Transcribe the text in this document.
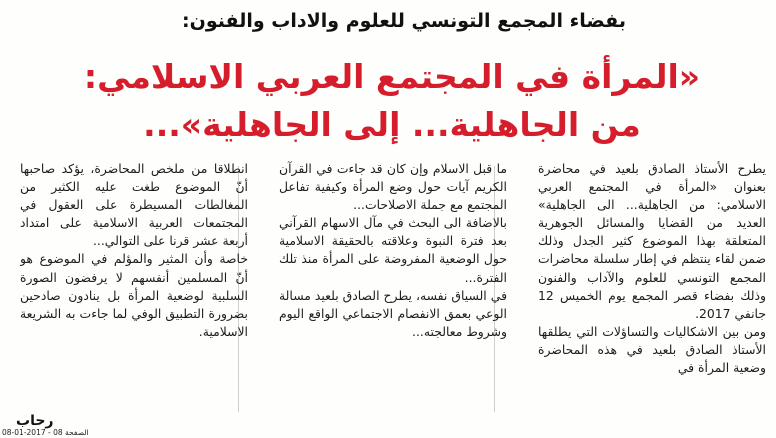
بفضاء المجمع التونسي للعلوم والاداب والفنون:
«المرأة في المجتمع العربي الاسلامي:
من الجاهلية... إلى الجاهلية»...

يطرح الأستاذ الصادق بلعيد في محاضرة بعنوان «المرأة في المجتمع العربي الاسلامي: من الجاهلية... الى الجاهلية» العديد من القضايا والمسائل الجوهرية المتعلقة بهذا الموضوع كثير الجدل وذلك ضمن لقاء ينتظم في إطار سلسلة محاضرات المجمع التونسي للعلوم والآداب والفنون وذلك بفضاء قصر المجمع يوم الخميس 12 جانفي 2017.

ومن بين الاشكاليات والتساؤلات التي يطلقها الأستاذ الصادق بلعيد في هذه المحاضرة وضعية المرأة في

ما قبل الاسلام وإن كان قد جاءت في القرآن الكريم آيات حول وضع المرأة وكيفية تفاعل المجتمع مع جملة الاصلاحات...

بالاضافة الى البحث في مآل الاسهام القرآني بعد فترة النبوة وعلاقته بالحقيقة الاسلامية حول الوضعية المفروضة على المرأة منذ تلك الفترة...

في السياق نفسه، يطرح الصادق بلعيد مسالة الوعي بعمق الانفصام الاجتماعي الواقع اليوم وشروط معالجته...

انطلاقا من ملخص المحاضرة، يؤكد صاحبها أنّ الموضوع طغت عليه الكثير من المغالطات المسيطرة على العقول في المجتمعات العربية الاسلامية على امتداد أربعة عشر قرنا على التوالي...

خاصة وأن المثير والمؤلم في الموضوع هو أنّ المسلمين أنفسهم لا يرفضون الصورة السلبية لوضعية المرأة بل ينادون صادحين بضرورة التطبيق الوفي لما جاءت به الشريعة الاسلامية.

رحاب
الصفحة 08 - 2017-01-08
